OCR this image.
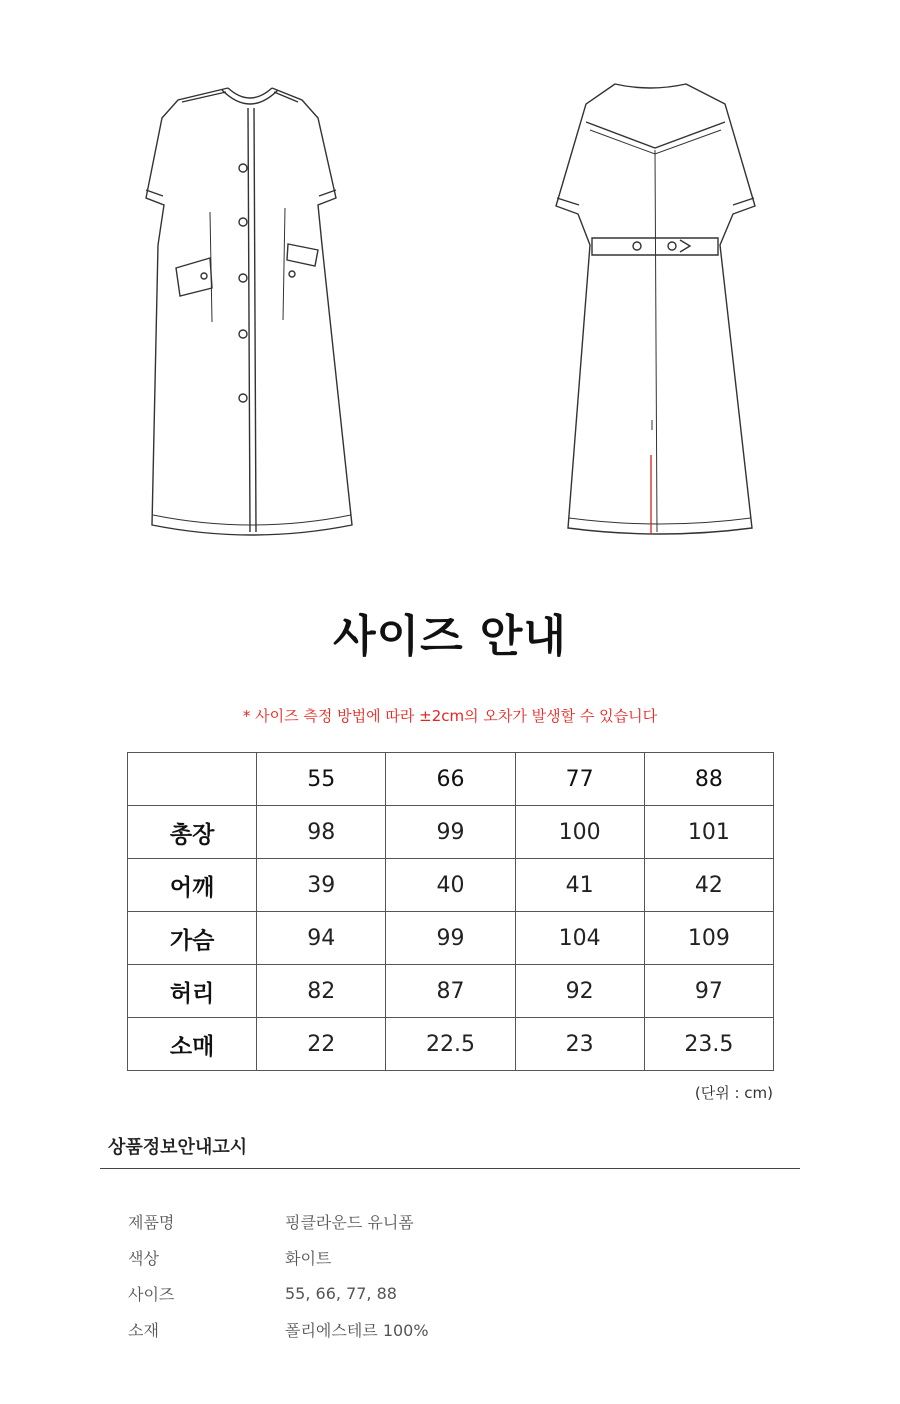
사이즈 안내
* 사이즈 측정 방법에 따라 ±2cm의 오차가 발생할 수 있습니다
	55	66	77	88
총장	98	99	100	101
어깨	39	40	41	42
가슴	94	99	104	109
허리	82	87	92	97
소매	22	22.5	23	23.5
(단위 : cm)
상품정보안내고시
제품명	핑클라운드 유니폼
색상	화이트
사이즈	55, 66, 77, 88
소재	폴리에스테르 100%
